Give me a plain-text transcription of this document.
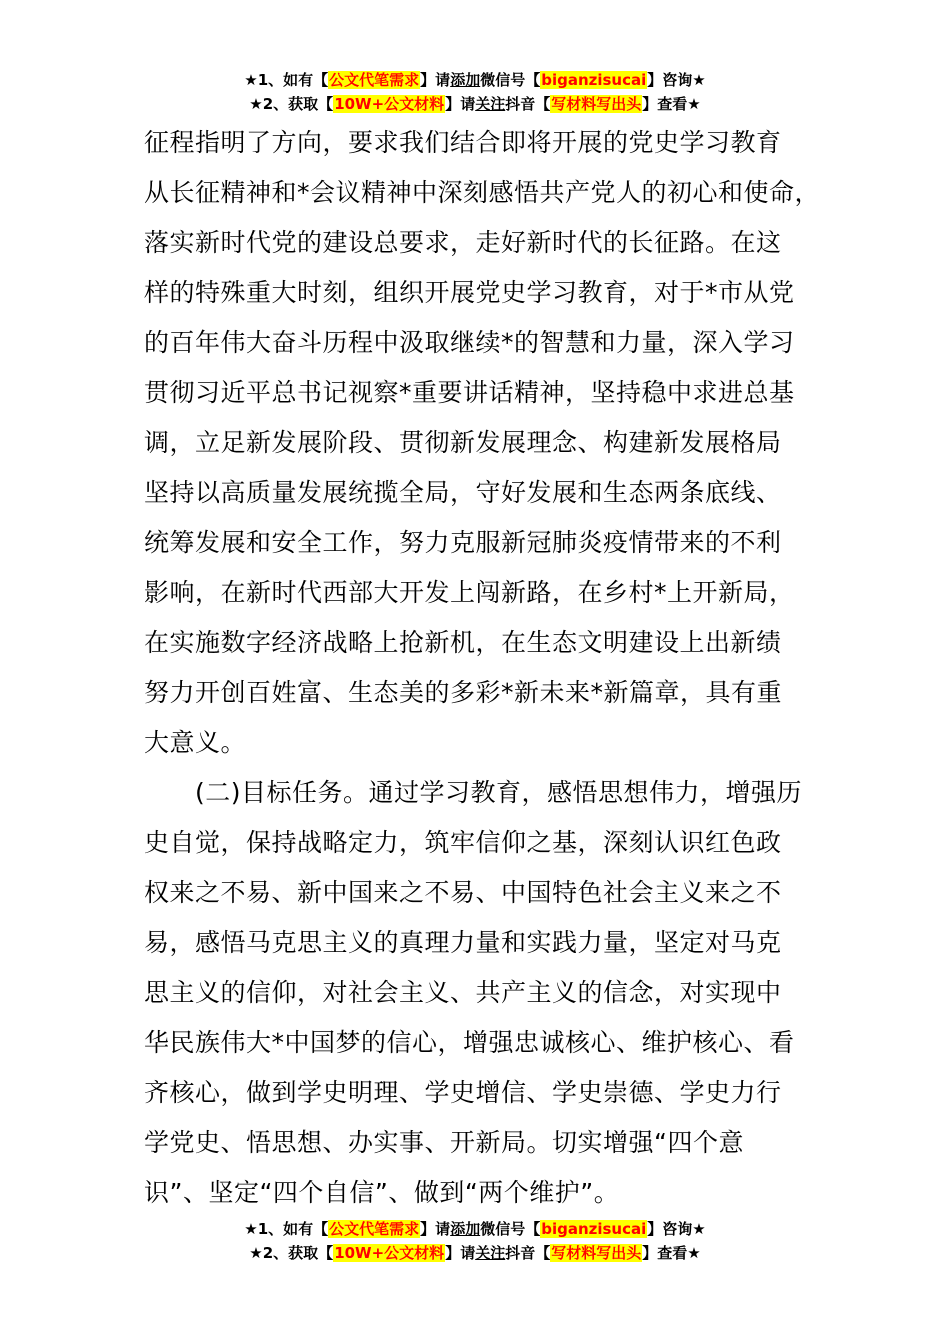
★1、如有【公文代笔需求】请添加微信号【biganzisucai】咨询★
★2、获取【10W+公文材料】请关注抖音【写材料写出头】查看★
征程指明了方向，要求我们结合即将开展的党史学习教育
从长征精神和*会议精神中深刻感悟共产党人的初心和使命，
落实新时代党的建设总要求，走好新时代的长征路。在这
样的特殊重大时刻，组织开展党史学习教育，对于*市从党
的百年伟大奋斗历程中汲取继续*的智慧和力量，深入学习
贯彻习近平总书记视察*重要讲话精神，坚持稳中求进总基
调，立足新发展阶段、贯彻新发展理念、构建新发展格局
坚持以高质量发展统揽全局，守好发展和生态两条底线、
统筹发展和安全工作，努力克服新冠肺炎疫情带来的不利
影响，在新时代西部大开发上闯新路，在乡村*上开新局，
在实施数字经济战略上抢新机，在生态文明建设上出新绩
努力开创百姓富、生态美的多彩*新未来*新篇章，具有重
大意义。
　　(二)目标任务。通过学习教育，感悟思想伟力，增强历
史自觉，保持战略定力，筑牢信仰之基，深刻认识红色政
权来之不易、新中国来之不易、中国特色社会主义来之不
易，感悟马克思主义的真理力量和实践力量，坚定对马克
思主义的信仰，对社会主义、共产主义的信念，对实现中
华民族伟大*中国梦的信心，增强忠诚核心、维护核心、看
齐核心，做到学史明理、学史增信、学史崇德、学史力行
学党史、悟思想、办实事、开新局。切实增强“四个意
识”、坚定“四个自信”、做到“两个维护”。
★1、如有【公文代笔需求】请添加微信号【biganzisucai】咨询★
★2、获取【10W+公文材料】请关注抖音【写材料写出头】查看★
